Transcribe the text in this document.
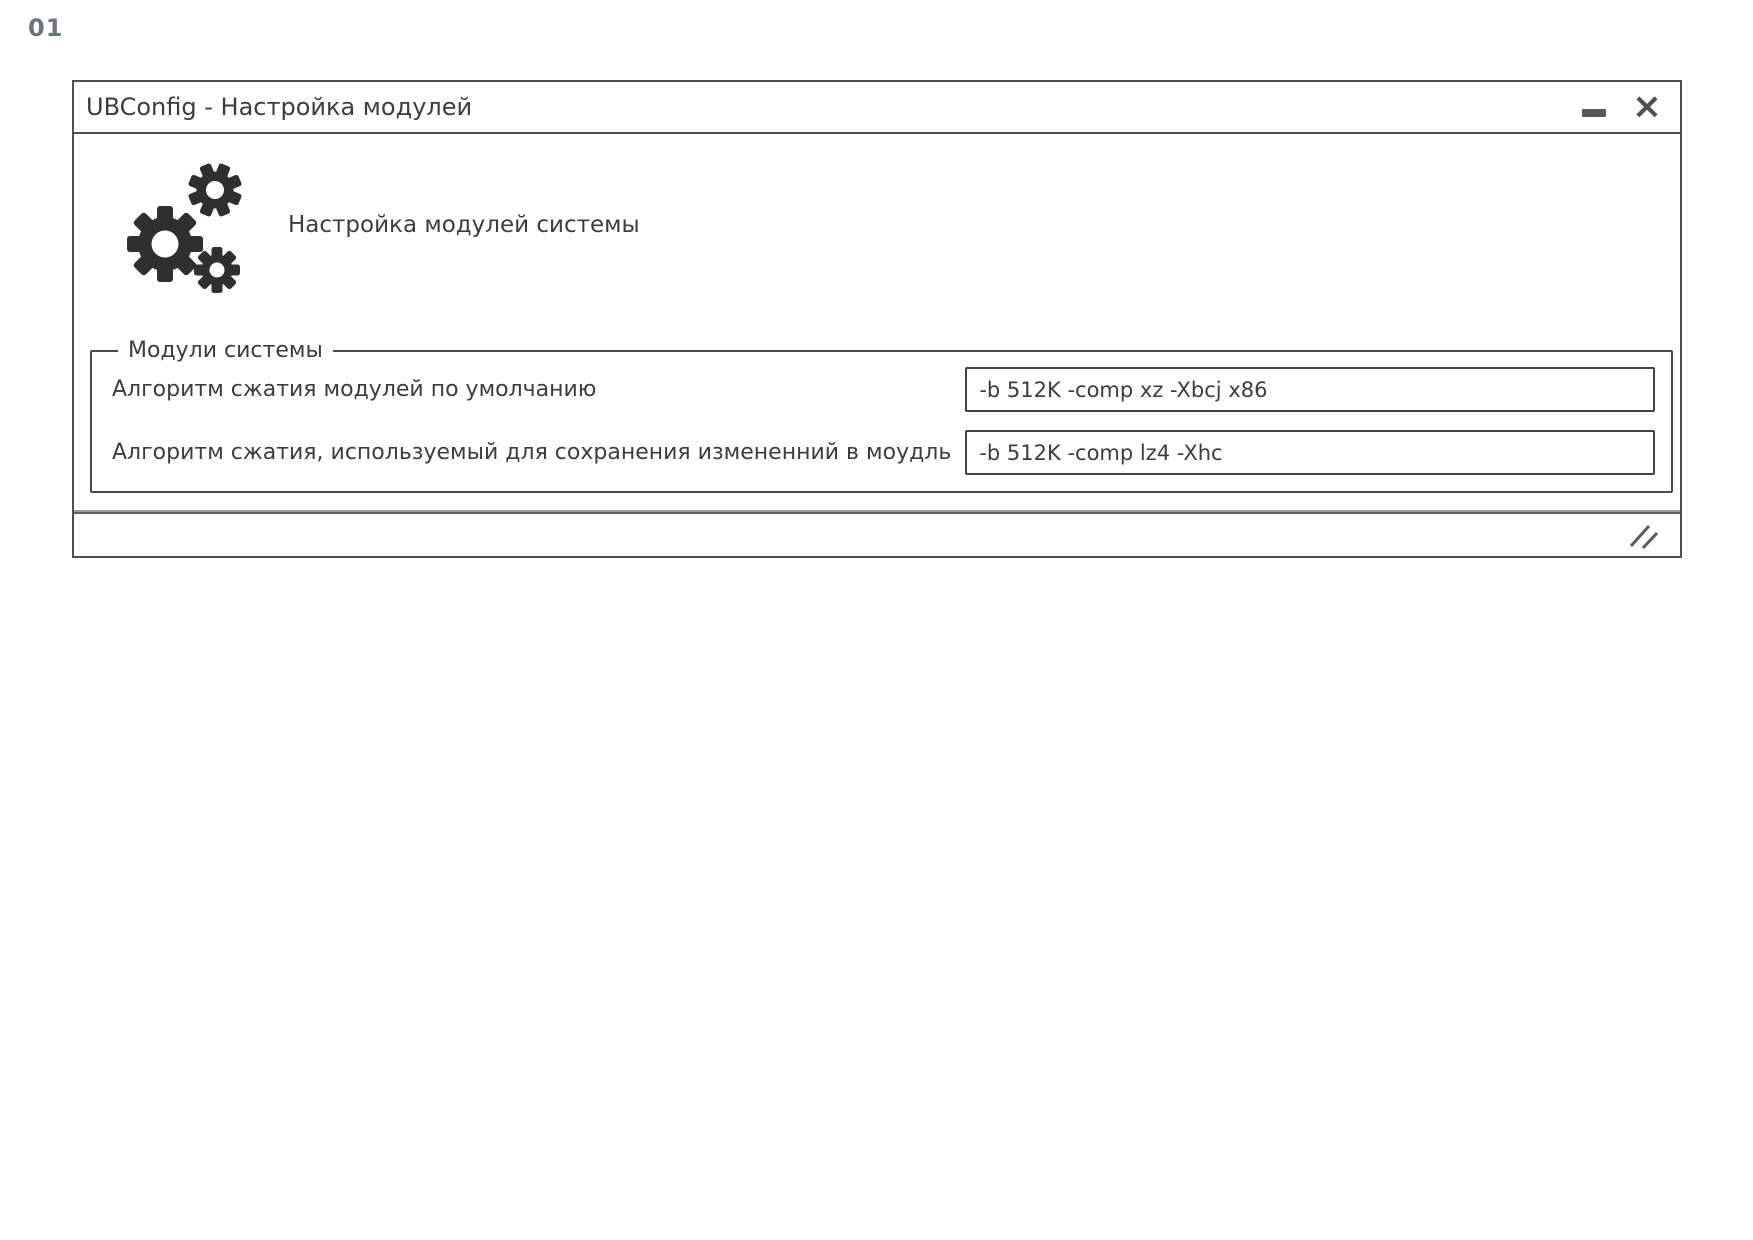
01
UBConfig - Настройка модулей	×
Настройка модулей системы
Модули системы
Алгоритм сжатия модулей по умолчанию
-b 512K -comp xz -Xbcj x86
Алгоритм сжатия, используемый для сохранения измененний в моудль
-b 512K -comp lz4 -Xhc
